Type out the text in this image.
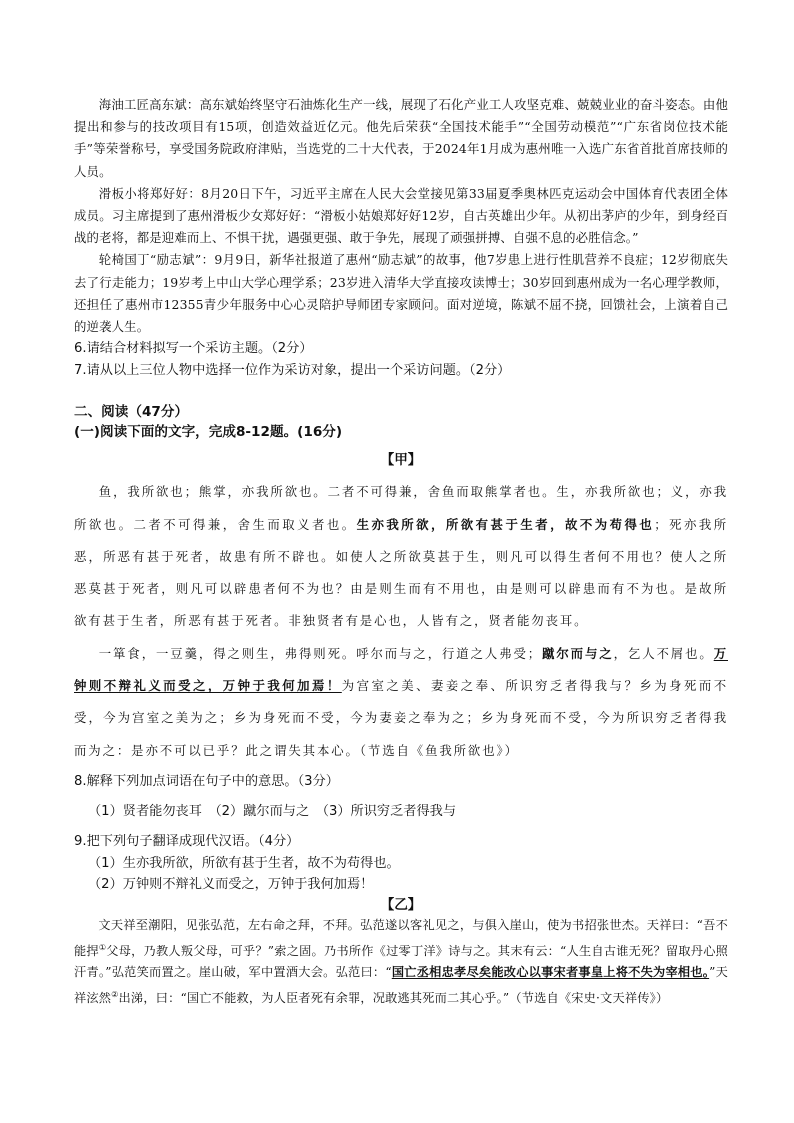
海油工匠高东斌：高东斌始终坚守石油炼化生产一线，展现了石化产业工人攻坚克难、兢兢业业的奋斗姿态。由他提出和参与的技改项目有15项，创造效益近亿元。他先后荣获“全国技术能手”“全国劳动模范”“广东省岗位技术能手”等荣誉称号，享受国务院政府津贴，当选党的二十大代表，于2024年1月成为惠州唯一入选广东省首批首席技师的人员。

滑板小将郑好好：8月20日下午，习近平主席在人民大会堂接见第33届夏季奥林匹克运动会中国体育代表团全体成员。习主席提到了惠州滑板少女郑好好：“滑板小姑娘郑好好12岁，自古英雄出少年。从初出茅庐的少年，到身经百战的老将，都是迎难而上、不惧干扰，遇强更强、敢于争先，展现了顽强拼搏、自强不息的必胜信念。”

轮椅国丁“励志斌”：9月9日，新华社报道了惠州“励志斌”的故事，他7岁患上进行性肌营养不良症；12岁彻底失去了行走能力；19岁考上中山大学心理学系；23岁进入清华大学直接攻读博士；30岁回到惠州成为一名心理学教师，还担任了惠州市12355青少年服务中心心灵陪护导师团专家顾问。面对逆境，陈斌不屈不挠，回馈社会，上演着自己的逆袭人生。

6.请结合材料拟写一个采访主题。（2分）

7.请从以上三位人物中选择一位作为采访对象，提出一个采访问题。（2分）

二、阅读（47分）

(一)阅读下面的文字，完成8-12题。(16分)

【甲】

鱼，我所欲也；熊掌，亦我所欲也。二者不可得兼，舍鱼而取熊掌者也。生，亦我所欲也；义，亦我所欲也。二者不可得兼，舍生而取义者也。生亦我所欲，所欲有甚于生者，故不为苟得也；死亦我所恶，所恶有甚于死者，故患有所不辟也。如使人之所欲莫甚于生，则凡可以得生者何不用也？使人之所恶莫甚于死者，则凡可以辟患者何不为也？由是则生而有不用也，由是则可以辟患而有不为也。是故所欲有甚于生者，所恶有甚于死者。非独贤者有是心也，人皆有之，贤者能勿丧耳。

一箪食，一豆羹，得之则生，弗得则死。呼尔而与之，行道之人弗受；蹴尔而与之，乞人不屑也。万钟则不辩礼义而受之，万钟于我何加焉！为宫室之美、妻妾之奉、所识穷乏者得我与？乡为身死而不受，今为宫室之美为之；乡为身死而不受，今为妻妾之奉为之；乡为身死而不受，今为所识穷乏者得我而为之：是亦不可以已乎？此之谓失其本心。（节选自《鱼我所欲也》）

8.解释下列加点词语在句子中的意思。（3分）

（1）贤者能勿丧耳　（2）蹴尔而与之　（3）所识穷乏者得我与

9.把下列句子翻译成现代汉语。（4分）

（1）生亦我所欲，所欲有甚于生者，故不为苟得也。

（2）万钟则不辩礼义而受之，万钟于我何加焉！

【乙】

文天祥至潮阳，见张弘范，左右命之拜，不拜。弘范遂以客礼见之，与俱入崖山，使为书招张世杰。天祥曰：“吾不能捍①父母，乃教人叛父母，可乎？”索之固。乃书所作《过零丁洋》诗与之。其末有云：“人生自古谁无死？留取丹心照汗青。”弘范笑而置之。崖山破，军中置酒大会。弘范曰：“国亡丞相忠孝尽矣能改心以事宋者事皇上将不失为宰相也。”天祥泫然②出涕，曰：“国亡不能救，为人臣者死有余罪，况敢逃其死而二其心乎。”（节选自《宋史·文天祥传》）
